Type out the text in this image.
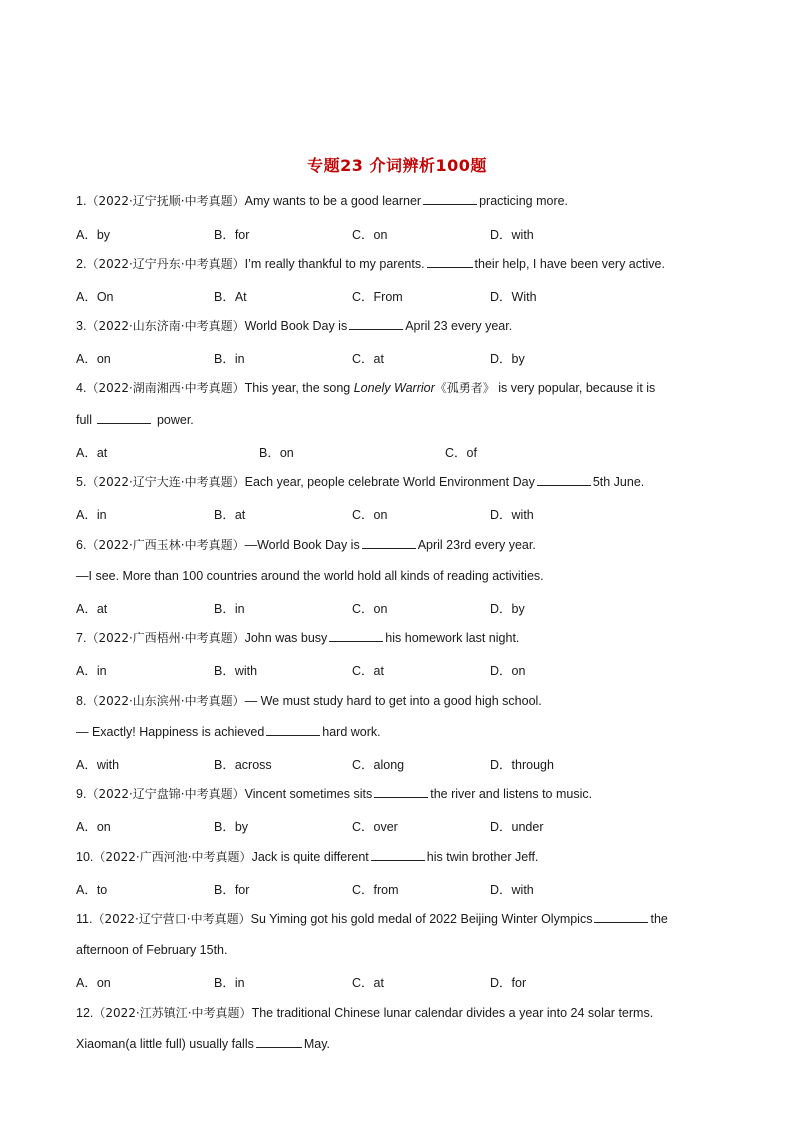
专题23 介词辨析100题
1.（2022·辽宁抚顺·中考真题）Amy wants to be a good learner	practicing more.
A．by	B．for	C．on	D．with
2.（2022·辽宁丹东·中考真题）I’m really thankful to my parents.	their help, I have been very active.
A．On	B．At	C．From	D．With
3.（2022·山东济南·中考真题）World Book Day is	April 23 every year.
A．on	B．in	C．at	D．by
4.（2022·湖南湘西·中考真题）This year, the song Lonely Warrior《孤勇者》 is very popular, because it is
full	power.
A．at	B．on	C．of
5.（2022·辽宁大连·中考真题）Each year, people celebrate World Environment Day	5th June.
A．in	B．at	C．on	D．with
6.（2022·广西玉林·中考真题）—World Book Day is	April 23rd every year.
—I see. More than 100 countries around the world hold all kinds of reading activities.
A．at	B．in	C．on	D．by
7.（2022·广西梧州·中考真题）John was busy	his homework last night.
A．in	B．with	C．at	D．on
8.（2022·山东滨州·中考真题）— We must study hard to get into a good high school.
— Exactly! Happiness is achieved	hard work.
A．with	B．across	C．along	D．through
9.（2022·辽宁盘锦·中考真题）Vincent sometimes sits	the river and listens to music.
A．on	B．by	C．over	D．under
10.（2022·广西河池·中考真题）Jack is quite different	his twin brother Jeff.
A．to	B．for	C．from	D．with
11.（2022·辽宁营口·中考真题）Su Yiming got his gold medal of 2022 Beijing Winter Olympics	the
afternoon of February 15th.
A．on	B．in	C．at	D．for
12.（2022·江苏镇江·中考真题）The traditional Chinese lunar calendar divides a year into 24 solar terms.
Xiaoman(a little full) usually falls	May.
